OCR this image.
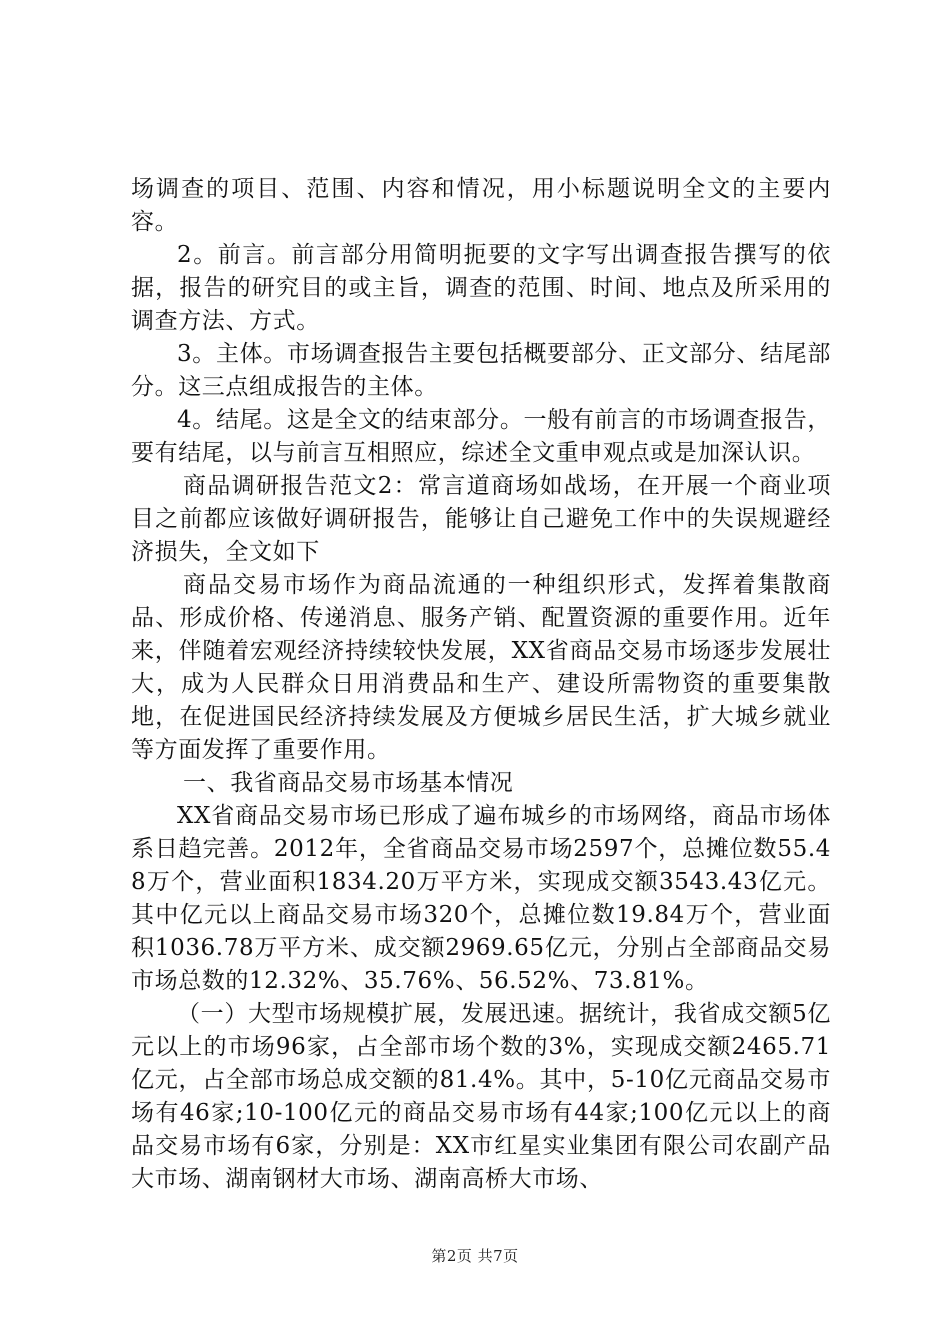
场调查的项目、范围、内容和情况，用小标题说明全文的主要内容。

2。前言。前言部分用简明扼要的文字写出调查报告撰写的依据，报告的研究目的或主旨，调查的范围、时间、地点及所采用的调查方法、方式。

3。主体。市场调查报告主要包括概要部分、正文部分、结尾部分。这三点组成报告的主体。

4。结尾。这是全文的结束部分。一般有前言的市场调查报告，要有结尾，以与前言互相照应，综述全文重申观点或是加深认识。

商品调研报告范文2：常言道商场如战场，在开展一个商业项目之前都应该做好调研报告，能够让自己避免工作中的失误规避经济损失，全文如下

商品交易市场作为商品流通的一种组织形式，发挥着集散商品、形成价格、传递消息、服务产销、配置资源的重要作用。近年来，伴随着宏观经济持续较快发展，XX省商品交易市场逐步发展壮大，成为人民群众日用消费品和生产、建设所需物资的重要集散地，在促进国民经济持续发展及方便城乡居民生活，扩大城乡就业等方面发挥了重要作用。

一、我省商品交易市场基本情况

XX省商品交易市场已形成了遍布城乡的市场网络，商品市场体系日趋完善。2012年，全省商品交易市场2597个，总摊位数55.48万个，营业面积1834.20万平方米，实现成交额3543.43亿元。其中亿元以上商品交易市场320个，总摊位数19.84万个，营业面积1036.78万平方米、成交额2969.65亿元，分别占全部商品交易市场总数的12.32%、35.76%、56.52%、73.81%。

（一）大型市场规模扩展，发展迅速。据统计，我省成交额5亿元以上的市场96家，占全部市场个数的3%，实现成交额2465.71亿元，占全部市场总成交额的81.4%。其中，5-10亿元商品交易市场有46家;10-100亿元的商品交易市场有44家;100亿元以上的商品交易市场有6家，分别是：XX市红星实业集团有限公司农副产品大市场、湖南钢材大市场、湖南高桥大市场、

第2页 共7页
